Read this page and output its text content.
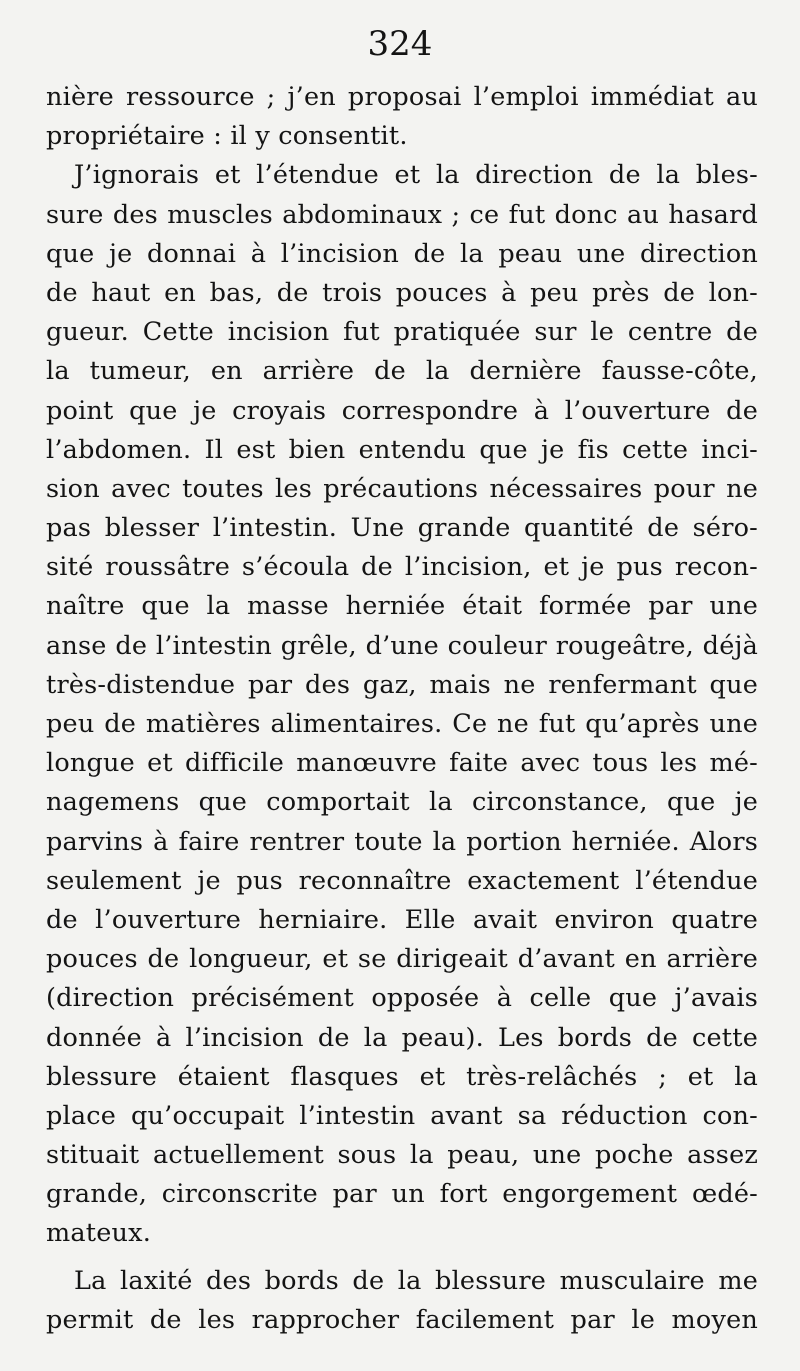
324
nière ressource ; j’en proposai l’emploi immédiat au
propriétaire : il y consentit.
J’ignorais et l’étendue et la direction de la bles-
sure des muscles abdominaux ; ce fut donc au hasard
que je donnai à l’incision de la peau une direction
de haut en bas, de trois pouces à peu près de lon-
gueur. Cette incision fut pratiquée sur le centre de
la tumeur, en arrière de la dernière fausse-côte,
point que je croyais correspondre à l’ouverture de
l’abdomen. Il est bien entendu que je fis cette inci-
sion avec toutes les précautions nécessaires pour ne
pas blesser l’intestin. Une grande quantité de séro-
sité roussâtre s’écoula de l’incision, et je pus recon-
naître que la masse herniée était formée par une
anse de l’intestin grêle, d’une couleur rougeâtre, déjà
très-distendue par des gaz, mais ne renfermant que
peu de matières alimentaires. Ce ne fut qu’après une
longue et difficile manœuvre faite avec tous les mé-
nagemens que comportait la circonstance, que je
parvins à faire rentrer toute la portion herniée. Alors
seulement je pus reconnaître exactement l’étendue
de l’ouverture herniaire. Elle avait environ quatre
pouces de longueur, et se dirigeait d’avant en arrière
(direction précisément opposée à celle que j’avais
donnée à l’incision de la peau). Les bords de cette
blessure étaient flasques et très-relâchés ; et la
place qu’occupait l’intestin avant sa réduction con-
stituait actuellement sous la peau, une poche assez
grande, circonscrite par un fort engorgement œdé-
mateux.
La laxité des bords de la blessure musculaire me
permit de les rapprocher facilement par le moyen
